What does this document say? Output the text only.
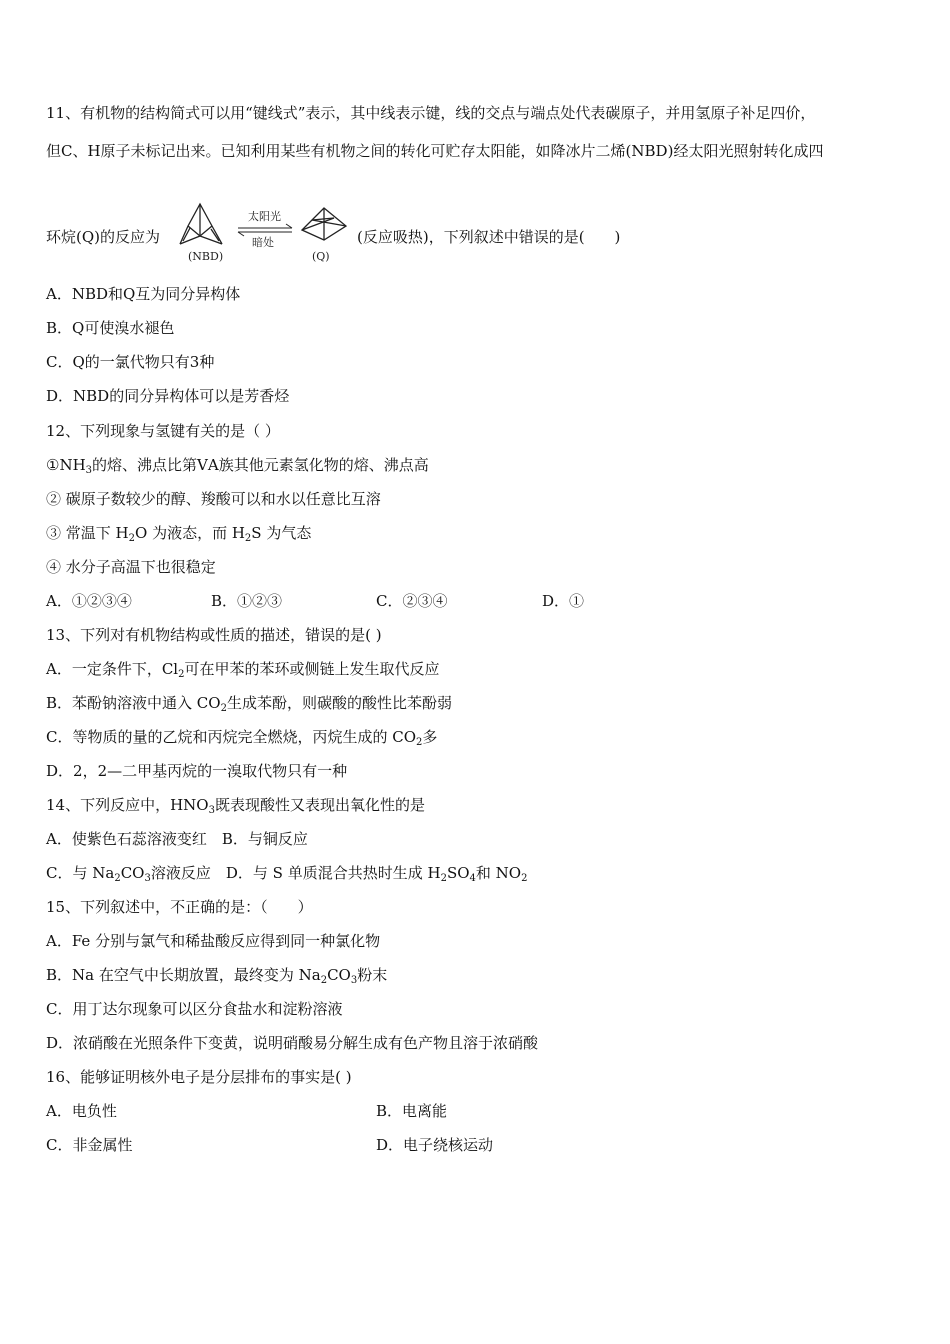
11、有机物的结构简式可以用“键线式”表示，其中线表示键，线的交点与端点处代表碳原子，并用氢原子补足四价，
但C、H原子未标记出来。已知利用某些有机物之间的转化可贮存太阳能，如降冰片二烯(NBD)经太阳光照射转化成四
环烷(Q)的反应为
(NBD)
太阳光
暗处
(Q)
(反应吸热)，下列叙述中错误的是(　　)
A．NBD和Q互为同分异构体
B．Q可使溴水褪色
C．Q的一氯代物只有3种
D．NBD的同分异构体可以是芳香烃
12、下列现象与氢键有关的是（ ）
$①NH_3$的熔、沸点比第ⅤA族其他元素氢化物的熔、沸点高
② 碳原子数较少的醇、羧酸可以和水以任意比互溶
③ 常温下 $H_2O$ 为液态，而 $H_2S$ 为气态
④ 水分子高温下也很稳定
A．①②③④	B．①②③	C．②③④	D．①
13、下列对有机物结构或性质的描述，错误的是( )
A．一定条件下，$Cl_2$可在甲苯的苯环或侧链上发生取代反应
B．苯酚钠溶液中通入 $CO_2$生成苯酚，则碳酸的酸性比苯酚弱
C．等物质的量的乙烷和丙烷完全燃烧，丙烷生成的 $CO_2$多
D．2，2—二甲基丙烷的一溴取代物只有一种
14、下列反应中，$HNO_3$既表现酸性又表现出氧化性的是
A．使紫色石蕊溶液变红　B．与铜反应
C．与 $Na_2CO_3$溶液反应　D．与 S 单质混合共热时生成 $H_2SO_4$和 $NO_2$
15、下列叙述中，不正确的是：（　　）
A．Fe 分别与氯气和稀盐酸反应得到同一种氯化物
B．Na 在空气中长期放置，最终变为 $Na_2CO_3$粉末
C．用丁达尔现象可以区分食盐水和淀粉溶液
D．浓硝酸在光照条件下变黄，说明硝酸易分解生成有色产物且溶于浓硝酸
16、能够证明核外电子是分层排布的事实是( )
A．电负性	B．电离能
C．非金属性	D．电子绕核运动
